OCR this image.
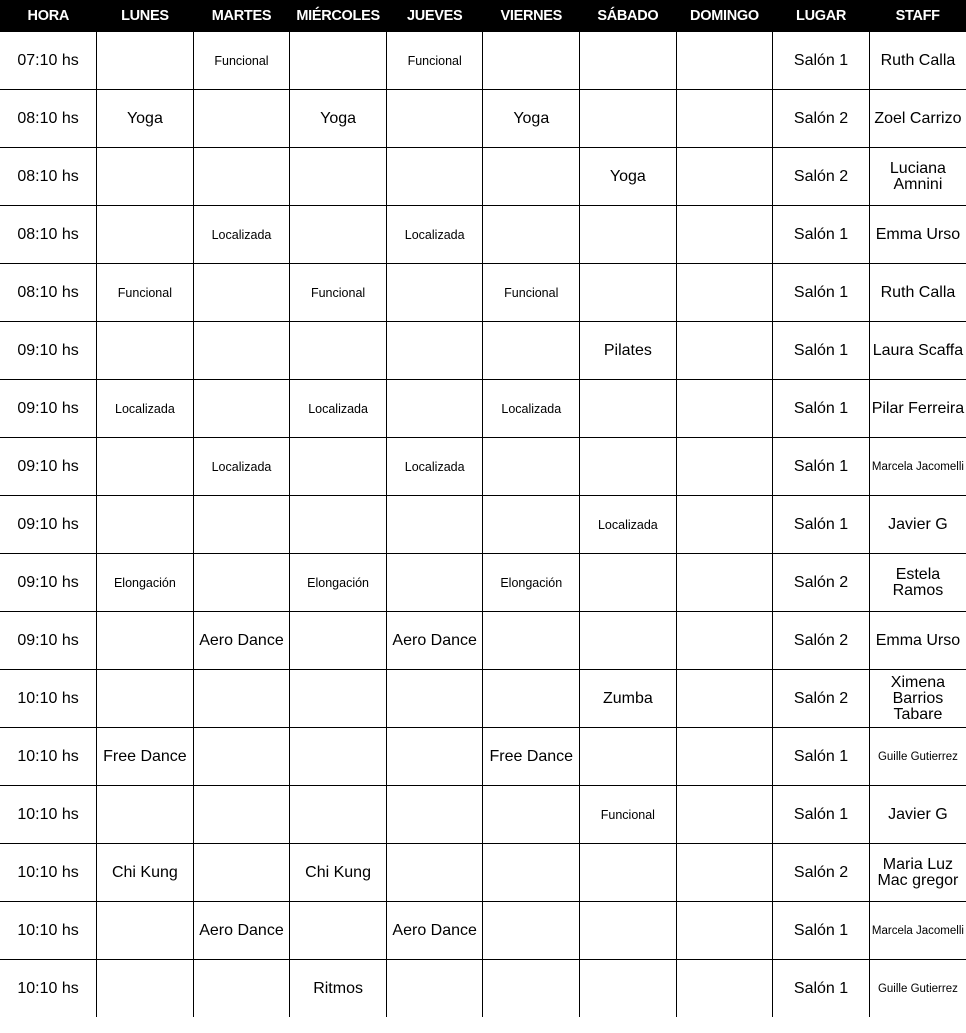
HORA	LUNES	MARTES	MIÉRCOLES	JUEVES	VIERNES	SÁBADO	DOMINGO	LUGAR	STAFF
07:10 hs		Funcional		Funcional				Salón 1	Ruth Calla
08:10 hs	Yoga		Yoga		Yoga			Salón 2	Zoel Carrizo
08:10 hs						Yoga		Salón 2	Luciana Amnini
08:10 hs		Localizada		Localizada				Salón 1	Emma Urso
08:10 hs	Funcional		Funcional		Funcional			Salón 1	Ruth Calla
09:10 hs						Pilates		Salón 1	Laura Scaffa
09:10 hs	Localizada		Localizada		Localizada			Salón 1	Pilar Ferreira
09:10 hs		Localizada		Localizada				Salón 1	Marcela Jacomelli
09:10 hs						Localizada		Salón 1	Javier G
09:10 hs	Elongación		Elongación		Elongación			Salón 2	Estela Ramos
09:10 hs		Aero Dance		Aero Dance				Salón 2	Emma Urso
10:10 hs						Zumba		Salón 2	Ximena Barrios Tabare
10:10 hs	Free Dance				Free Dance			Salón 1	Guille Gutierrez
10:10 hs						Funcional		Salón 1	Javier G
10:10 hs	Chi Kung		Chi Kung					Salón 2	Maria Luz Mac gregor
10:10 hs		Aero Dance		Aero Dance				Salón 1	Marcela Jacomelli
10:10 hs			Ritmos					Salón 1	Guille Gutierrez
